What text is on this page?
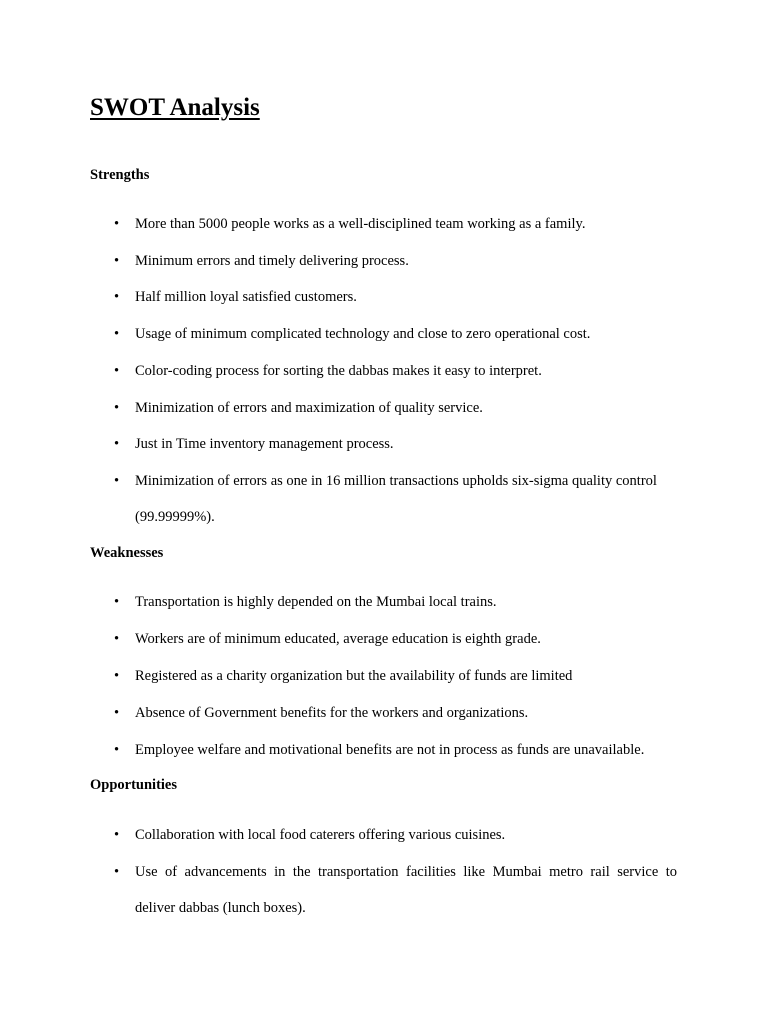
SWOT Analysis
Strengths
• More than 5000 people works as a well-disciplined team working as a family.
• Minimum errors and timely delivering process.
• Half million loyal satisfied customers.
• Usage of minimum complicated technology and close to zero operational cost.
• Color-coding process for sorting the dabbas makes it easy to interpret.
• Minimization of errors and maximization of quality service.
• Just in Time inventory management process.
• Minimization of errors as one in 16 million transactions upholds six-sigma quality control
(99.99999%).
Weaknesses
• Transportation is highly depended on the Mumbai local trains.
• Workers are of minimum educated, average education is eighth grade.
• Registered as a charity organization but the availability of funds are limited
• Absence of Government benefits for the workers and organizations.
• Employee welfare and motivational benefits are not in process as funds are unavailable.
Opportunities
• Collaboration with local food caterers offering various cuisines.
• Use of advancements in the transportation facilities like Mumbai metro rail service to
deliver dabbas (lunch boxes).
